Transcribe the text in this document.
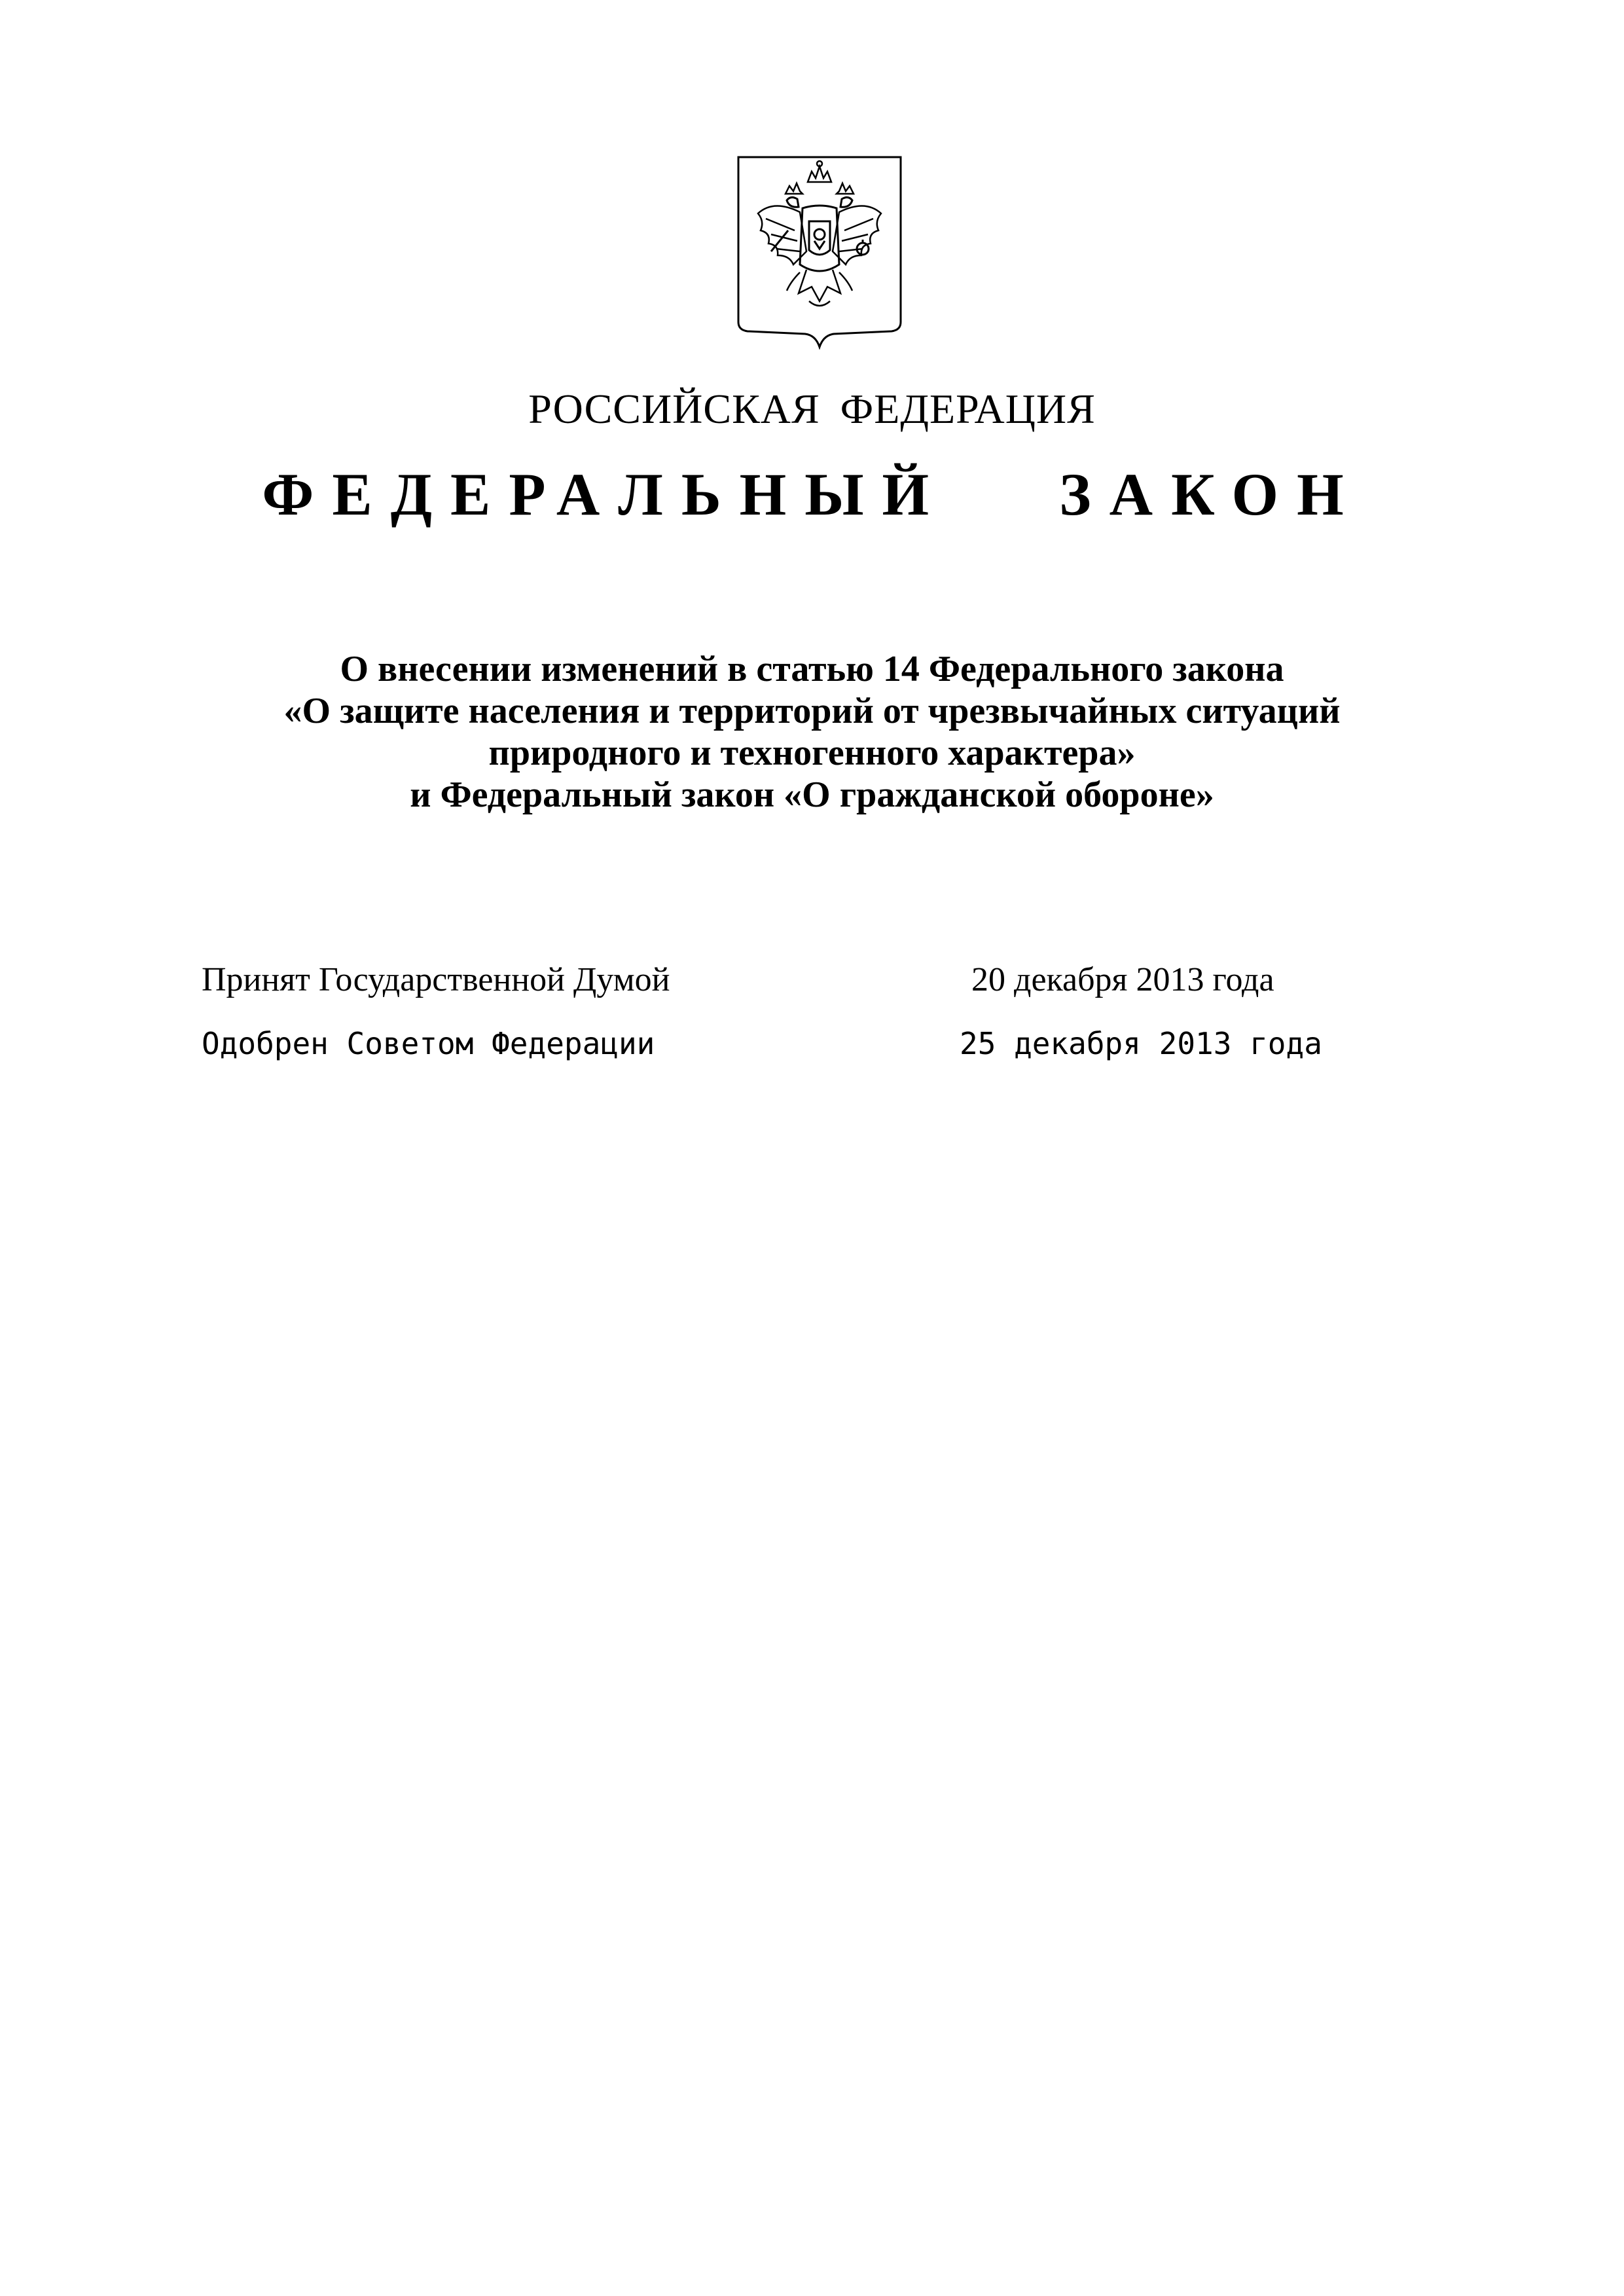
РОССИЙСКАЯ ФЕДЕРАЦИЯ
ФЕДЕРАЛЬНЫЙ ЗАКОН
О внесении изменений в статью 14 Федерального закона
«О защите населения и территорий от чрезвычайных ситуаций
природного и техногенного характера»
и Федеральный закон «О гражданской обороне»
Принят Государственной Думой	20 декабря 2013 года
Одобрен Советом Федерации	25 декабря 2013 года
